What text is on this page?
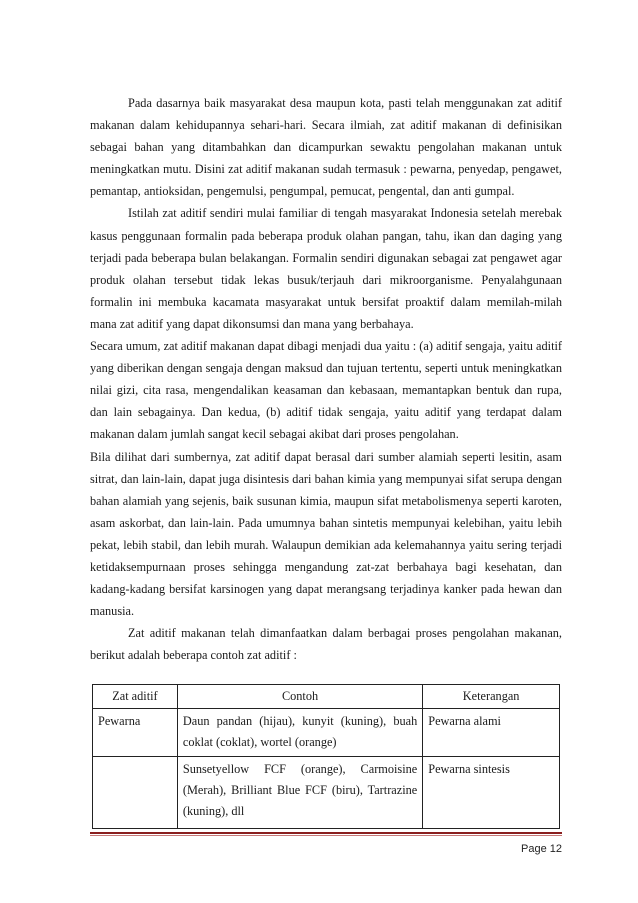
Pada dasarnya baik masyarakat desa maupun kota, pasti telah menggunakan zat aditif makanan dalam kehidupannya sehari-hari. Secara ilmiah, zat aditif makanan di definisikan sebagai bahan yang ditambahkan dan dicampurkan sewaktu pengolahan makanan untuk meningkatkan mutu. Disini zat aditif makanan sudah termasuk : pewarna, penyedap, pengawet, pemantap, antioksidan, pengemulsi, pengumpal, pemucat, pengental, dan anti gumpal.

Istilah zat aditif sendiri mulai familiar di tengah masyarakat Indonesia setelah merebak kasus penggunaan formalin pada beberapa produk olahan pangan, tahu, ikan dan daging yang terjadi pada beberapa bulan belakangan. Formalin sendiri digunakan sebagai zat pengawet agar produk olahan tersebut tidak lekas busuk/terjauh dari mikroorganisme. Penyalahgunaan formalin ini membuka kacamata masyarakat untuk bersifat proaktif dalam memilah-milah mana zat aditif yang dapat dikonsumsi dan mana yang berbahaya.

Secara umum, zat aditif makanan dapat dibagi menjadi dua yaitu : (a) aditif sengaja, yaitu aditif yang diberikan dengan sengaja dengan maksud dan tujuan tertentu, seperti untuk meningkatkan nilai gizi, cita rasa, mengendalikan keasaman dan kebasaan, memantapkan bentuk dan rupa, dan lain sebagainya. Dan kedua, (b) aditif tidak sengaja, yaitu aditif yang terdapat dalam makanan dalam jumlah sangat kecil sebagai akibat dari proses pengolahan.

Bila dilihat dari sumbernya, zat aditif dapat berasal dari sumber alamiah seperti lesitin, asam sitrat, dan lain-lain, dapat juga disintesis dari bahan kimia yang mempunyai sifat serupa dengan bahan alamiah yang sejenis, baik susunan kimia, maupun sifat metabolismenya seperti karoten, asam askorbat, dan lain-lain. Pada umumnya bahan sintetis mempunyai kelebihan, yaitu lebih pekat, lebih stabil, dan lebih murah. Walaupun demikian ada kelemahannya yaitu sering terjadi ketidaksempurnaan proses sehingga mengandung zat-zat berbahaya bagi kesehatan, dan kadang-kadang bersifat karsinogen yang dapat merangsang terjadinya kanker pada hewan dan manusia.

Zat aditif makanan telah dimanfaatkan dalam berbagai proses pengolahan makanan, berikut adalah beberapa contoh zat aditif :

Zat aditif	Contoh	Keterangan
Pewarna	Daun pandan (hijau), kunyit (kuning), buah coklat (coklat), wortel (orange)	Pewarna alami
	Sunsetyellow FCF (orange), Carmoisine (Merah), Brilliant Blue FCF (biru), Tartrazine (kuning), dll	Pewarna sintesis
Page 12
